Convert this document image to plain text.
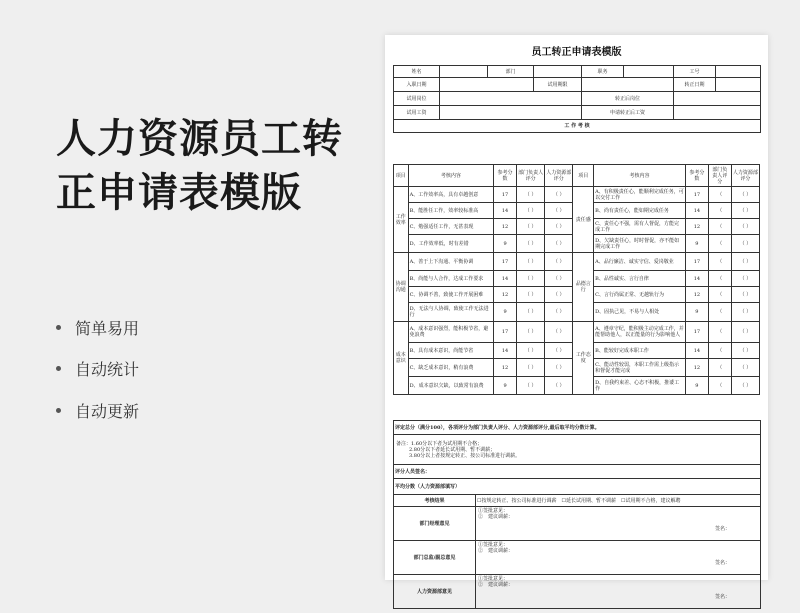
人力资源员工转
正申请表模版
简单易用
自动统计
自动更新
员工转正申请表模版
姓名		部门		职务		工号	
入职日期			试用期限			转正日期	
试用岗位				转正后岗位			
试用工资				申请转正后工资			
工 作 考 核							
项目	考核内容	参考分数	部门负责人评分	人力资源部评分	项目	考核内容	参考分数	部门负责人评分	人力资源部评分
工作效率	A、工作效率高，具有卓越创意	17	（ ）	（ ）	责任感	A、有积极责任心，能顺利完成任务，可以交付工作	17	（	（ ）
	B、能胜任工作，效率较标准高	14	（ ）	（ ）		B、尚有责任心，能如期完成任务	14	（	（ ）
	C、勉强适任工作，无甚表现	12	（ ）	（ ）		C、责任心不强，需有人督促，方能完成工作	12	（	（ ）
	D、工作效率低，时有差错	9	（ ）	（ ）		D、欠缺责任心，时时督促，亦不能如期完成工作	9	（	（ ）
协调沟通	A、善于上下沟通、平衡协调	17	（ ）	（ ）	品德言行	A、品行廉洁、诚实守信、爱岗敬业	17	（	（ ）
	B、尚能与人合作，达成工作要求	14	（ ）	（ ）		B、品性诚实、言行自律	14	（	（ ）
	C、协调不善，致使工作开展困难	12	（ ）	（ ）		C、言行尚属正常、无越轨行为	12	（	（ ）
	D、无法与人协调，致使工作无法进行	9	（ ）	（ ）		D、固执己见，不易与人相处	9	（	（ ）
成本意识	A、成本意识强烈，能积极节省，避免浪费	17	（ ）	（ ）	工作态度	A、遵章守纪，能积极主动完成工作，并能帮助他人，以正能量的行为影响他人	17	（	（ ）
	B、具有成本意识，尚能节省	14	（ ）	（ ）		B、能较好完成本职工作	14	（	（ ）
	C、缺乏成本意识，稍有浪费	12	（ ）	（ ）		C、能动性较弱，本职工作需上级指示和督促才能完成	12	（	（ ）
	D、成本意识欠缺，以致常有浪费	9	（ ）	（ ）		D、自我约束差、心态不积极，推诿工作	9	（	（ ）
评定总分（满分100），各项评分为部门负责人评分、人力资源部评分,最后取平均分数计算。

备注：1.60分以下者为试用期不合格；
2.80分以下者延长试用期、暂不调薪；
3.80分以上者按规定转正、按公司标准进行调薪。

评分人员签名：
平均分数（人力资源部填写）
考核结果	☐按规定转正、按公司标准进行调薪　☐延长试用期、暂不调薪　☐试用期不合格，建议解聘
部门经理意见	①签批意见：
②　建议调薪：
签名：

部门总监/副总意见	①签批意见：
②　建议调薪：
签名：

人力资源部意见	①签批意见：
②　建议调薪：
签名：
